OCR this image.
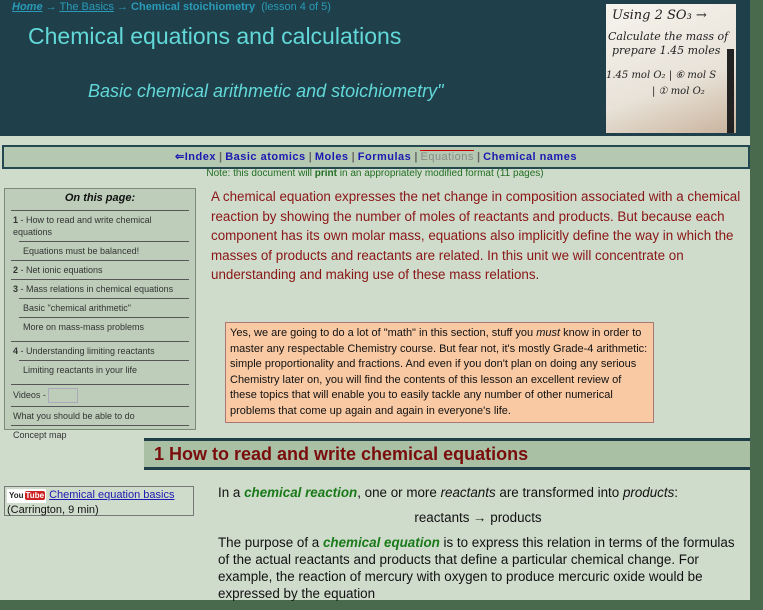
Home → The Basics → Chemical stoichiometry (lesson 4 of 5)
Chemical equations and calculations
Basic chemical arithmetic and stoichiometry"
Using 2 SO₃ →
Calculate the mass of
prepare 1.45 moles
1.45 mol O₂ | ⑥ mol S
| ① mol O₂
⇐Index | Basic atomics | Moles | Formulas | Equations | Chemical names
Note: this document will print in an appropriately modified format (11 pages)
On this page:
1 - How to read and write chemical equations
Equations must be balanced!
2 - Net ionic equations
3 - Mass relations in chemical equations
Basic "chemical arithmetic"
More on mass-mass problems
4 - Understanding limiting reactants
Limiting reactants in your life
Videos -
What you should be able to do
Concept map
A chemical equation expresses the net change in composition associated with a chemical reaction by showing the number of moles of reactants and products. But because each component has its own molar mass, equations also implicitly define the way in which the masses of products and reactants are related. In this unit we will concentrate on understanding and making use of these mass relations.
Yes, we are going to do a lot of "math" in this section, stuff you must know in order to master any respectable Chemistry course. But fear not, it's mostly Grade-4 arithmetic: simple proportionality and fractions. And even if you don't plan on doing any serious Chemistry later on, you will find the contents of this lesson an excellent review of these topics that will enable you to easily tackle any number of other numerical problems that come up again and again in everyone's life.
1 How to read and write chemical equations
You Tube Chemical equation basics
(Carrington, 9 min)

In a chemical reaction, one or more reactants are transformed into products:

reactants → products

The purpose of a chemical equation is to express this relation in terms of the formulas of the actual reactants and products that define a particular chemical change. For example, the reaction of mercury with oxygen to produce mercuric oxide would be expressed by the equation
